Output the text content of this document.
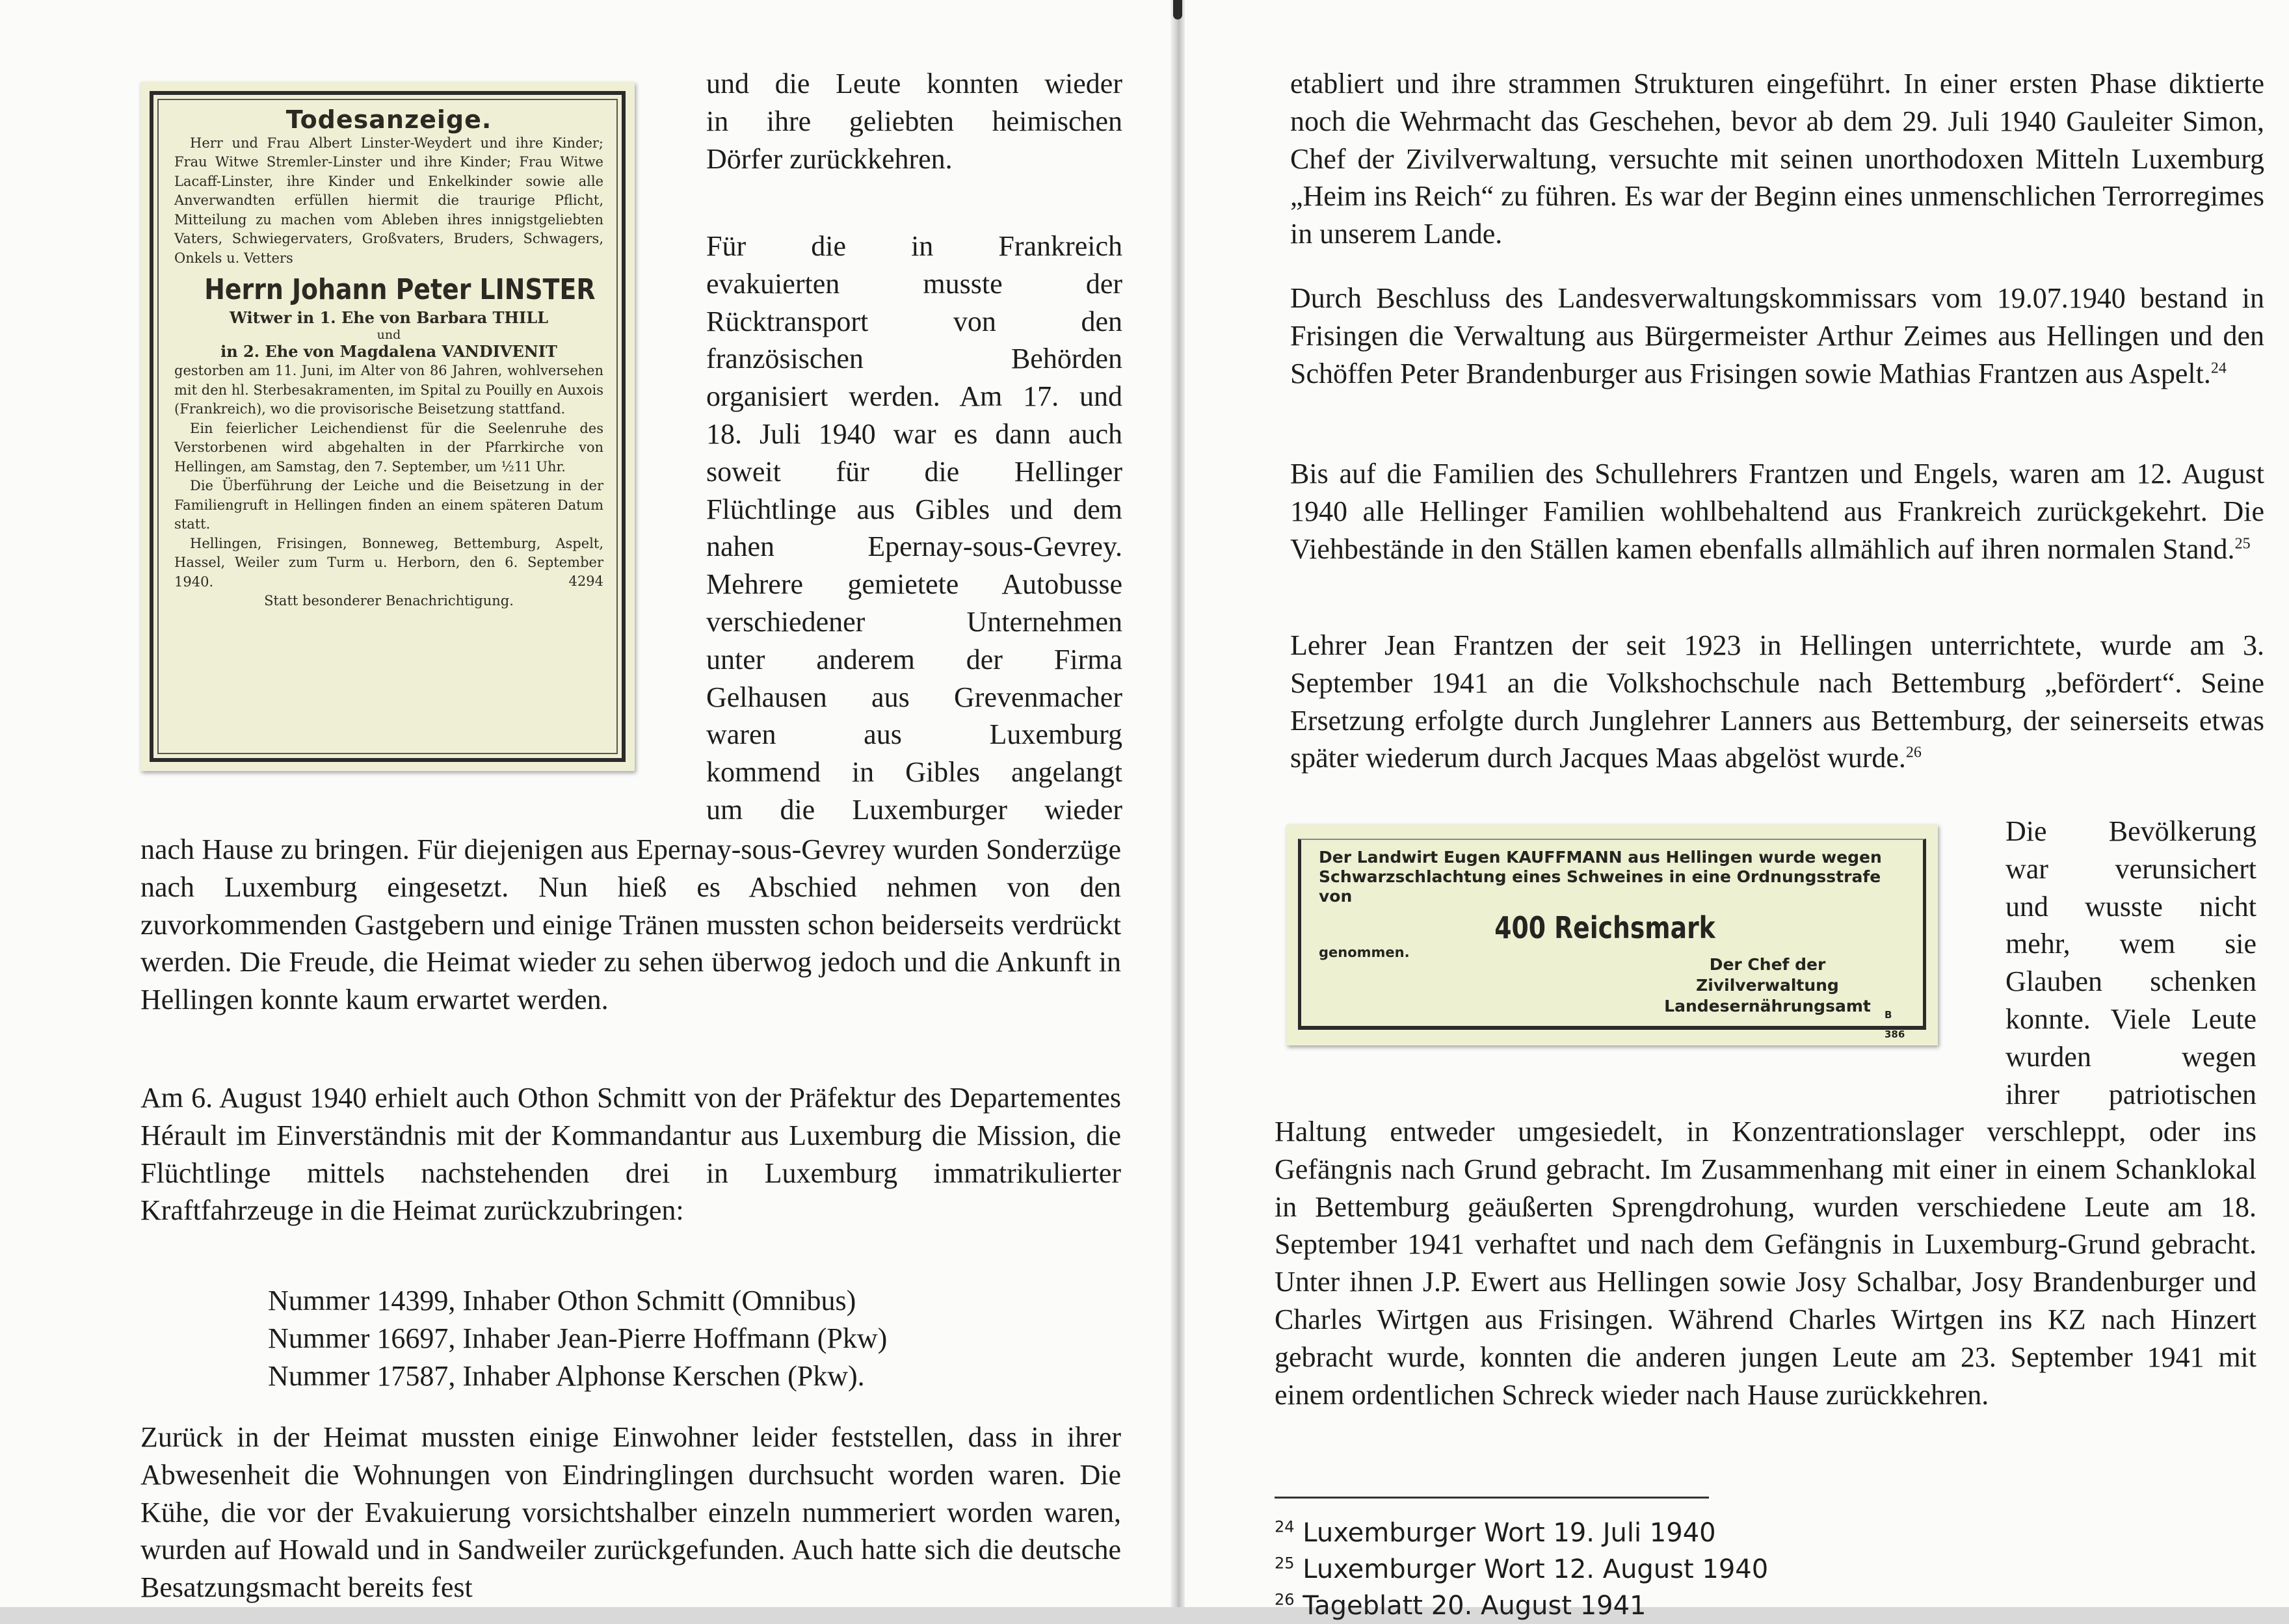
Todesanzeige.

Herr und Frau Albert Linster-Weydert und ihre Kinder; Frau Witwe Stremler-Linster und ihre Kinder; Frau Witwe Lacaff-Linster, ihre Kinder und Enkelkinder sowie alle Anverwandten erfüllen hiermit die traurige Pflicht, Mitteilung zu machen vom Ableben ihres innigstgeliebten Vaters, Schwiegervaters, Großvaters, Bruders, Schwagers, Onkels u. Vetters

Herrn Johann Peter LINSTER

Witwer in 1. Ehe von Barbara THILL

und

in 2. Ehe von Magdalena VANDIVENIT

gestorben am 11. Juni, im Alter von 86 Jahren, wohlversehen mit den hl. Sterbesakramenten, im Spital zu Pouilly en Auxois (Frankreich), wo die provisorische Beisetzung stattfand.

Ein feierlicher Leichendienst für die Seelenruhe des Verstorbenen wird abgehalten in der Pfarrkirche von Hellingen, am Samstag, den 7. September, um ½11 Uhr.

Die Überführung der Leiche und die Beisetzung in der Familiengruft in Hellingen finden an einem späteren Datum statt.

Hellingen, Frisingen, Bonneweg, Bettemburg, Aspelt, Hassel, Weiler zum Turm u. Herborn, den 6. September 1940.	4294

Statt besonderer Benachrichtigung.

und die Leute konnten wieder
in ihre geliebten heimischen
Dörfer zurückkehren.
Für die in Frankreich
evakuierten musste der
Rücktransport von den
französischen Behörden
organisiert werden. Am 17. und
18. Juli 1940 war es dann auch
soweit für die Hellinger
Flüchtlinge aus Gibles und dem
nahen Epernay-sous-Gevrey.
Mehrere gemietete Autobusse
verschiedener Unternehmen
unter anderem der Firma
Gelhausen aus Grevenmacher
waren aus Luxemburg
kommend in Gibles angelangt
um die Luxemburger wieder

nach Hause zu bringen. Für diejenigen aus Epernay-sous-Gevrey wurden Sonderzüge nach Luxemburg eingesetzt. Nun hieß es Abschied nehmen von den zuvorkommenden Gastgebern und einige Tränen mussten schon beiderseits verdrückt werden. Die Freude, die Heimat wieder zu sehen überwog jedoch und die Ankunft in Hellingen konnte kaum erwartet werden.

Am 6. August 1940 erhielt auch Othon Schmitt von der Präfektur des Departementes Hérault im Einverständnis mit der Kommandantur aus Luxemburg die Mission, die Flüchtlinge mittels nachstehenden drei in Luxemburg immatrikulierter Kraftfahrzeuge in die Heimat zurückzubringen:

Nummer 14399, Inhaber Othon Schmitt (Omnibus)
Nummer 16697, Inhaber Jean-Pierre Hoffmann (Pkw)
Nummer 17587, Inhaber Alphonse Kerschen (Pkw).

Zurück in der Heimat mussten einige Einwohner leider feststellen, dass in ihrer Abwesenheit die Wohnungen von Eindringlingen durchsucht worden waren. Die Kühe, die vor der Evakuierung vorsichtshalber einzeln nummeriert worden waren, wurden auf Howald und in Sandweiler zurückgefunden. Auch hatte sich die deutsche Besatzungsmacht bereits fest

etabliert und ihre strammen Strukturen eingeführt. In einer ersten Phase diktierte noch die Wehrmacht das Geschehen, bevor ab dem 29. Juli 1940 Gauleiter Simon, Chef der Zivilverwaltung, versuchte mit seinen unorthodoxen Mitteln Luxemburg „Heim ins Reich“ zu führen. Es war der Beginn eines unmenschlichen Terrorregimes in unserem Lande.

Durch Beschluss des Landesverwaltungskommissars vom 19.07.1940 bestand in Frisingen die Verwaltung aus Bürgermeister Arthur Zeimes aus Hellingen und den Schöffen Peter Brandenburger aus Frisingen sowie Mathias Frantzen aus Aspelt.$^{24}$

Bis auf die Familien des Schullehrers Frantzen und Engels, waren am 12. August 1940 alle Hellinger Familien wohlbehaltend aus Frankreich zurückgekehrt. Die Viehbestände in den Ställen kamen ebenfalls allmählich auf ihren normalen Stand.$^{25}$

Lehrer Jean Frantzen der seit 1923 in Hellingen unterrichtete, wurde am 3. September 1941 an die Volkshochschule nach Bettemburg „befördert“. Seine Ersetzung erfolgte durch Junglehrer Lanners aus Bettemburg, der seinerseits etwas später wiederum durch Jacques Maas abgelöst wurde.$^{26}$

Der Landwirt Eugen KAUFFMANN aus Hellingen wurde wegen Schwarzschlachtung eines Schweines in eine Ordnungsstrafe von

400 Reichsmark

genommen.

Der Chef der Zivilverwaltung
Landesernährungsamt	B 386

Die Bevölkerung
war verunsichert
und wusste nicht
mehr, wem sie
Glauben schenken
konnte. Viele Leute
wurden wegen
ihrer patriotischen

Haltung entweder umgesiedelt, in Konzentrationslager verschleppt, oder ins Gefängnis nach Grund gebracht. Im Zusammenhang mit einer in einem Schanklokal in Bettemburg geäußerten Sprengdrohung, wurden verschiedene Leute am 18. September 1941 verhaftet und nach dem Gefängnis in Luxemburg-Grund gebracht. Unter ihnen J.P. Ewert aus Hellingen sowie Josy Schalbar, Josy Brandenburger und Charles Wirtgen aus Frisingen. Während Charles Wirtgen ins KZ nach Hinzert gebracht wurde, konnten die anderen jungen Leute am 23. September 1941 mit einem ordentlichen Schreck wieder nach Hause zurückkehren.

$^{24}$ Luxemburger Wort 19. Juli 1940

$^{25}$ Luxemburger Wort 12. August 1940

$^{26}$ Tageblatt 20. August 1941
